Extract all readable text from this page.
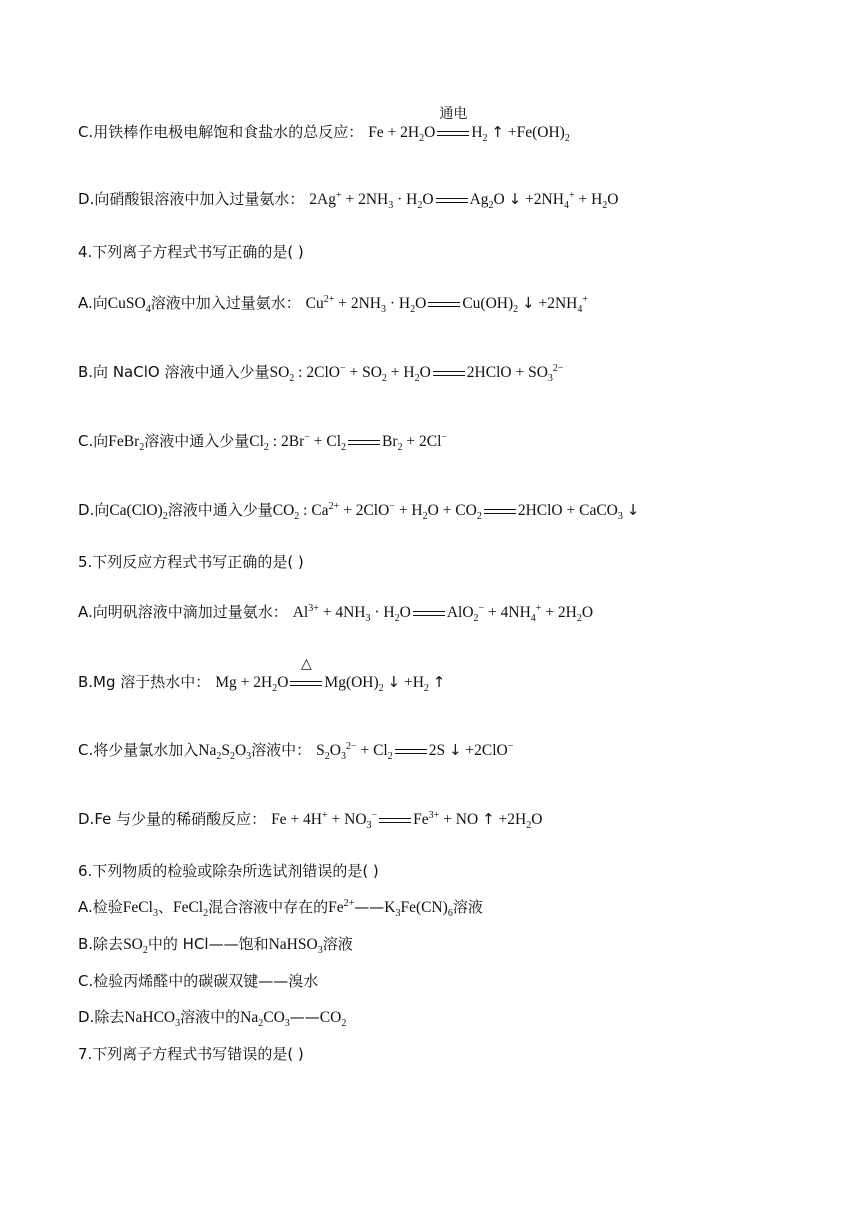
C.用铁棒作电极电解饱和食盐水的总反应： $Fe + 2H_2O$
通电
$H_2$ ↑ $+Fe(OH)_2$
D.向硝酸银溶液中加入过量氨水： $2Ag^+ + 2NH_3 \cdot H_2O$ $Ag_2O$ ↓ $+2NH_4^+ + H_2O$
4.下列离子方程式书写正确的是( )
A.向CuSO$_4$溶液中加入过量氨水： $Cu^{2+} + 2NH_3 \cdot H_2O$ $Cu(OH)_2$ ↓ $+2NH_4^+$
B.向 NaClO 溶液中通入少量$SO_2$ : $2ClO^- + SO_2 + H_2O$ 2HClO + $SO_3^{2-}$
C.向FeBr$_2$溶液中通入少量$Cl_2$ : $2Br^- + Cl_2$ $Br_2 + 2Cl^-$
D.向$Ca(ClO)_2$溶液中通入少量$CO_2$ : $Ca^{2+} + 2ClO^- + H_2O + CO_2$ 2HClO + CaCO$_3$ ↓
5.下列反应方程式书写正确的是( )
A.向明矾溶液中滴加过量氨水： $Al^{3+} + 4NH_3 \cdot H_2O$ $AlO_2^- + 4NH_4^+ + 2H_2O$
B.Mg 溶于热水中： $Mg + 2H_2O$
△
$Mg(OH)_2$ ↓ $+H_2$ ↑
C.将少量氯水加入$Na_2S_2O_3$溶液中： $S_2O_3^{2-} + Cl_2$ 2S ↓ +2ClO−
D.Fe 与少量的稀硝酸反应： $Fe + 4H^+ + NO_3^-$ $Fe^{3+}$ + NO ↑ $+2H_2O$
6.下列物质的检验或除杂所选试剂错误的是( )
A.检验FeCl$_3$、FeCl$_2$混合溶液中存在的$Fe^{2+}——K_3Fe(CN)_6$溶液
B.除去$SO_2$中的 HCl——饱和NaHSO$_3$溶液
C.检验丙烯醛中的碳碳双键——溴水
D.除去NaHCO$_3$溶液中的$Na_2CO_3——CO_2$
7.下列离子方程式书写错误的是( )
